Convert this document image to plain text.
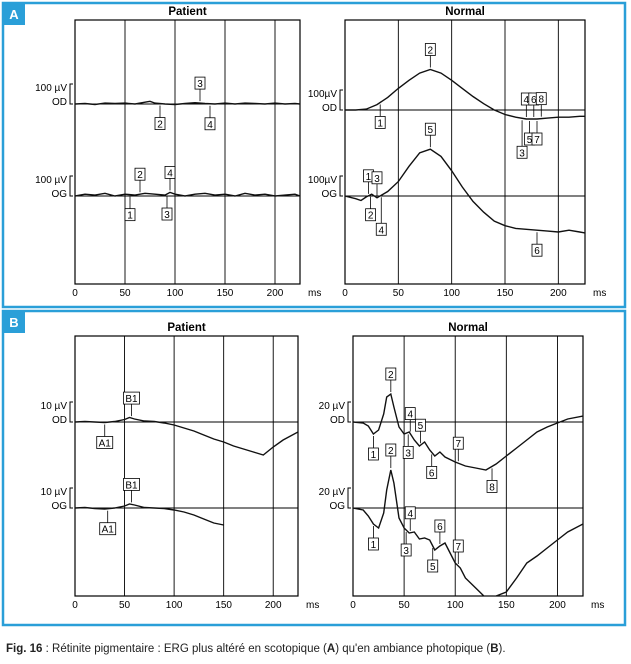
A
B
Patient
0	50	100	150	200 ms
100 µV
OD
100 µV
OG
3
2	4
2 4
1	3
Normal
0	50	100	150	200	ms
100µV
OD
100µV
OG
2
1
4 6 8
5 7
3
5
1 3
2
4
6
Patient
0	50	100	150	200 ms
10 µV
OD
10 µV
OG
B1
A1
B1
A1
Normal
0	50	100	150	200	ms
20 µV
OD
20 µV
OG
2
1
4
5
3
6
7
8
2
1
4
3
6
5
7
Fig. 16 : Rétinite pigmentaire : ERG plus altéré en scotopique (A) qu'en ambiance photopique (B).
